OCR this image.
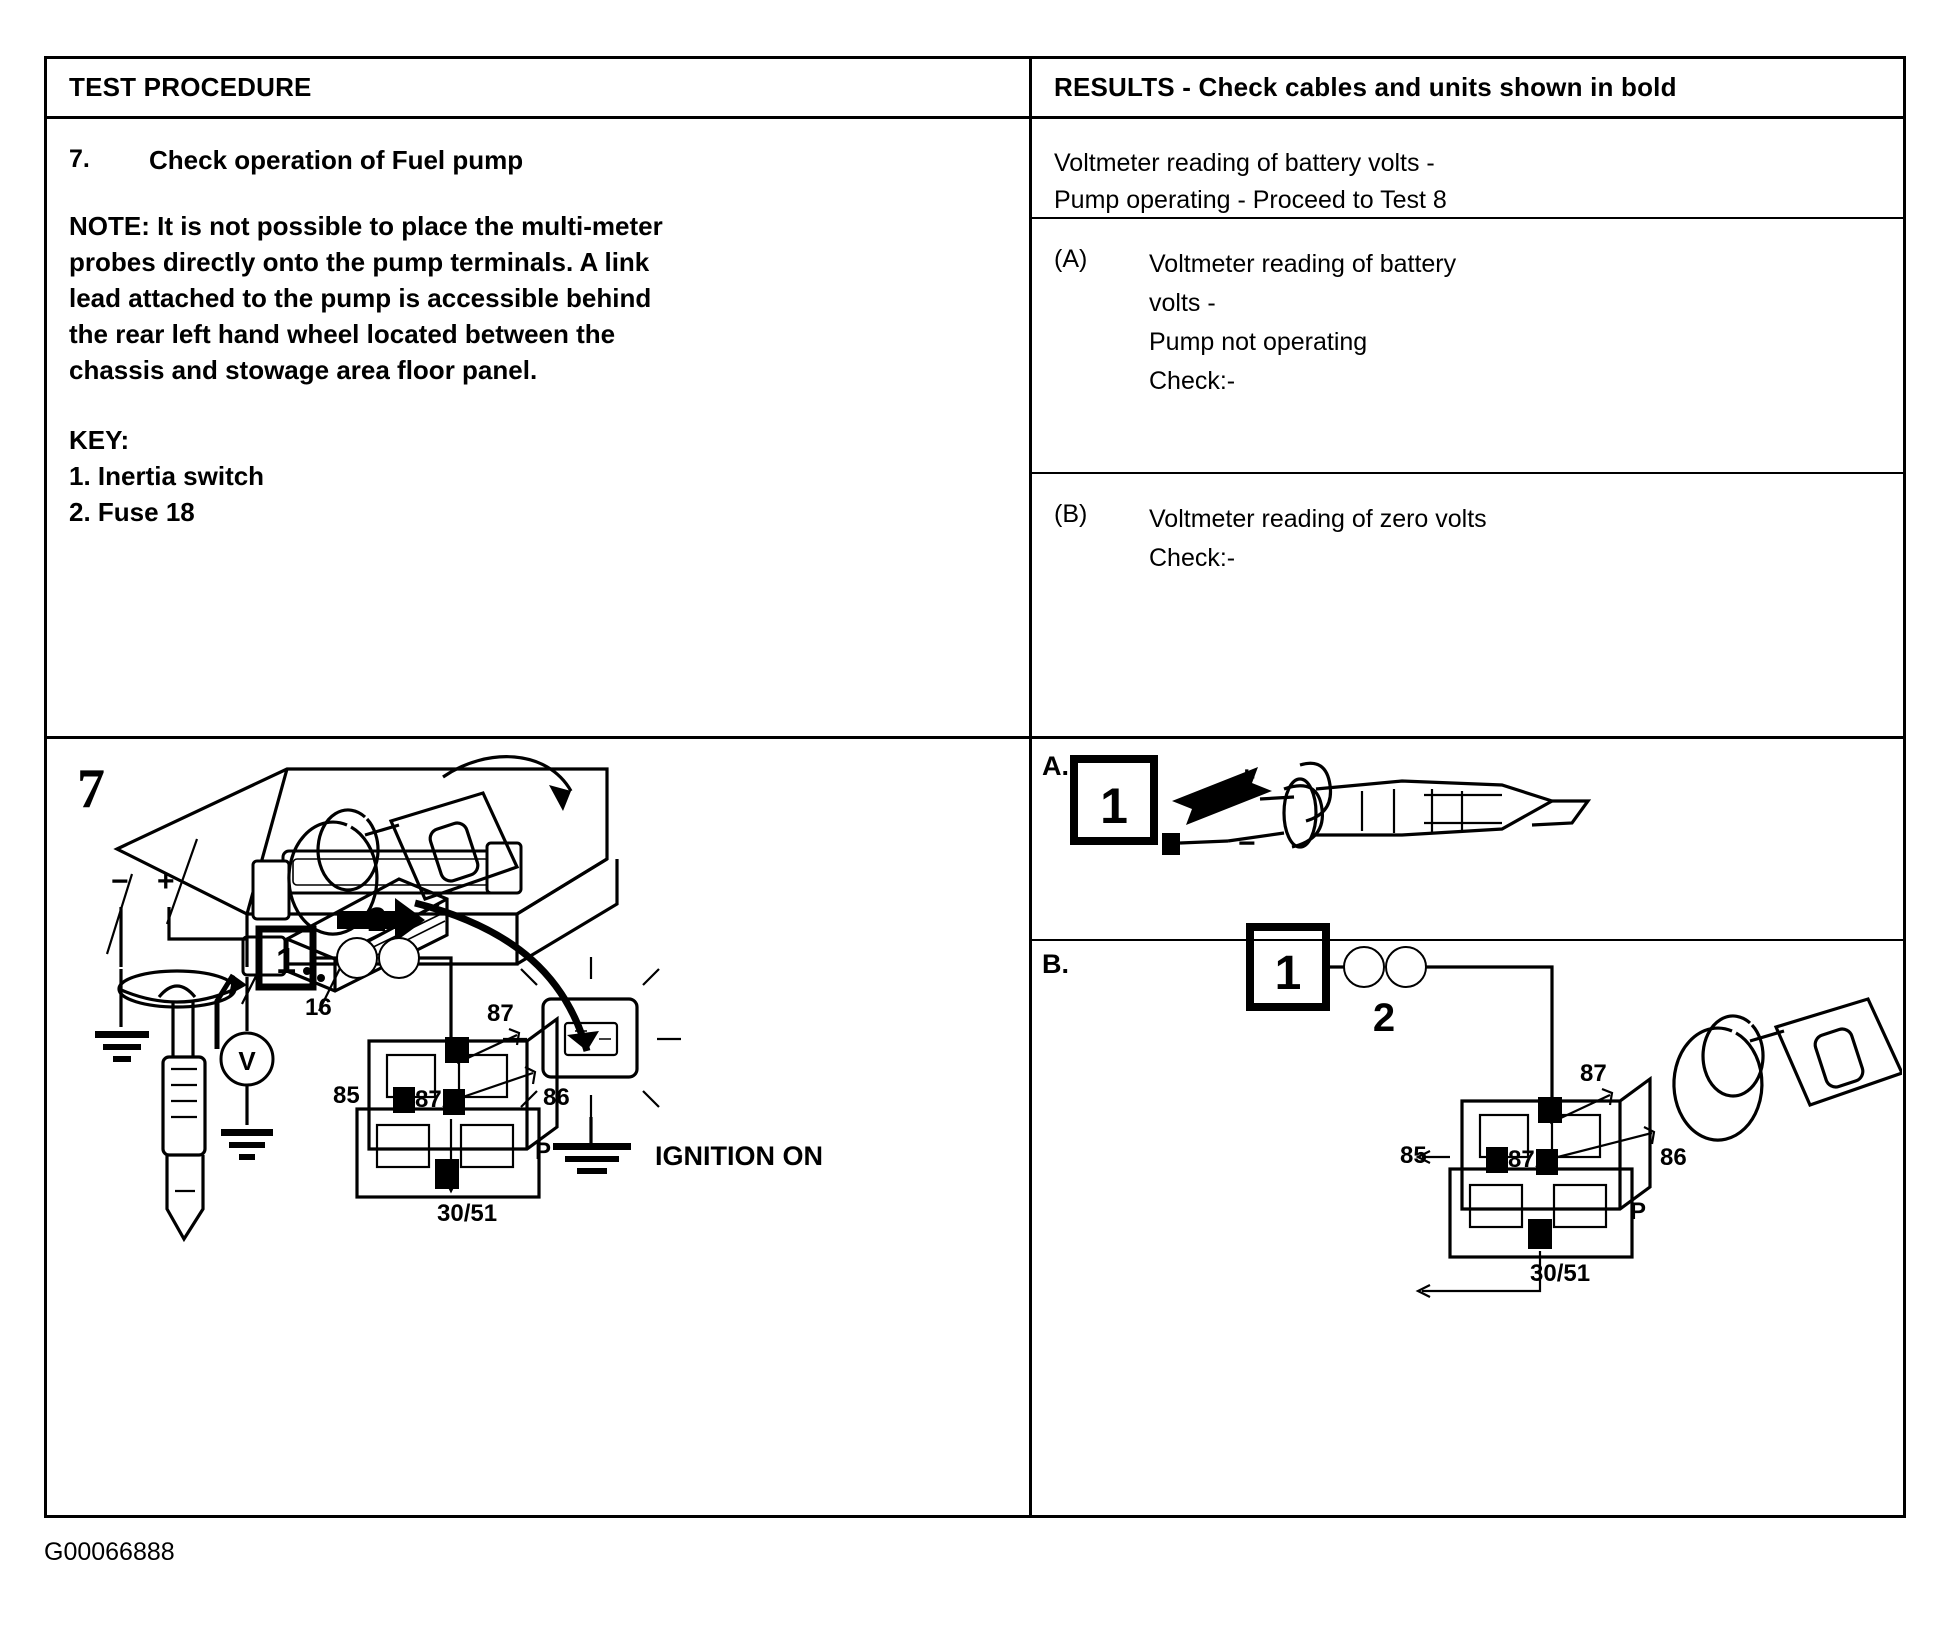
TEST PROCEDURE	RESULTS - Check cables and units shown in bold
7.	Check operation of Fuel pump
NOTE: It is not possible to place the multi-meter probes directly onto the pump terminals. A link lead attached to the pump is accessible behind the rear left hand wheel located between the chassis and stowage area floor panel.
KEY:
1. Inertia switch
2. Fuse 18
Voltmeter reading of battery volts -
Pump operating - Proceed to Test 8
(A)	Voltmeter reading of battery
volts -
Pump not operating
Check:-
(B)	Voltmeter reading of zero volts
Check:-
7
16
IGNITION ON
− +
V
1
2
87
85 87A	86
P
30/51
A.
B.
1
+
−
1
2
87
85	87A	86
P
30/51
G00066888
